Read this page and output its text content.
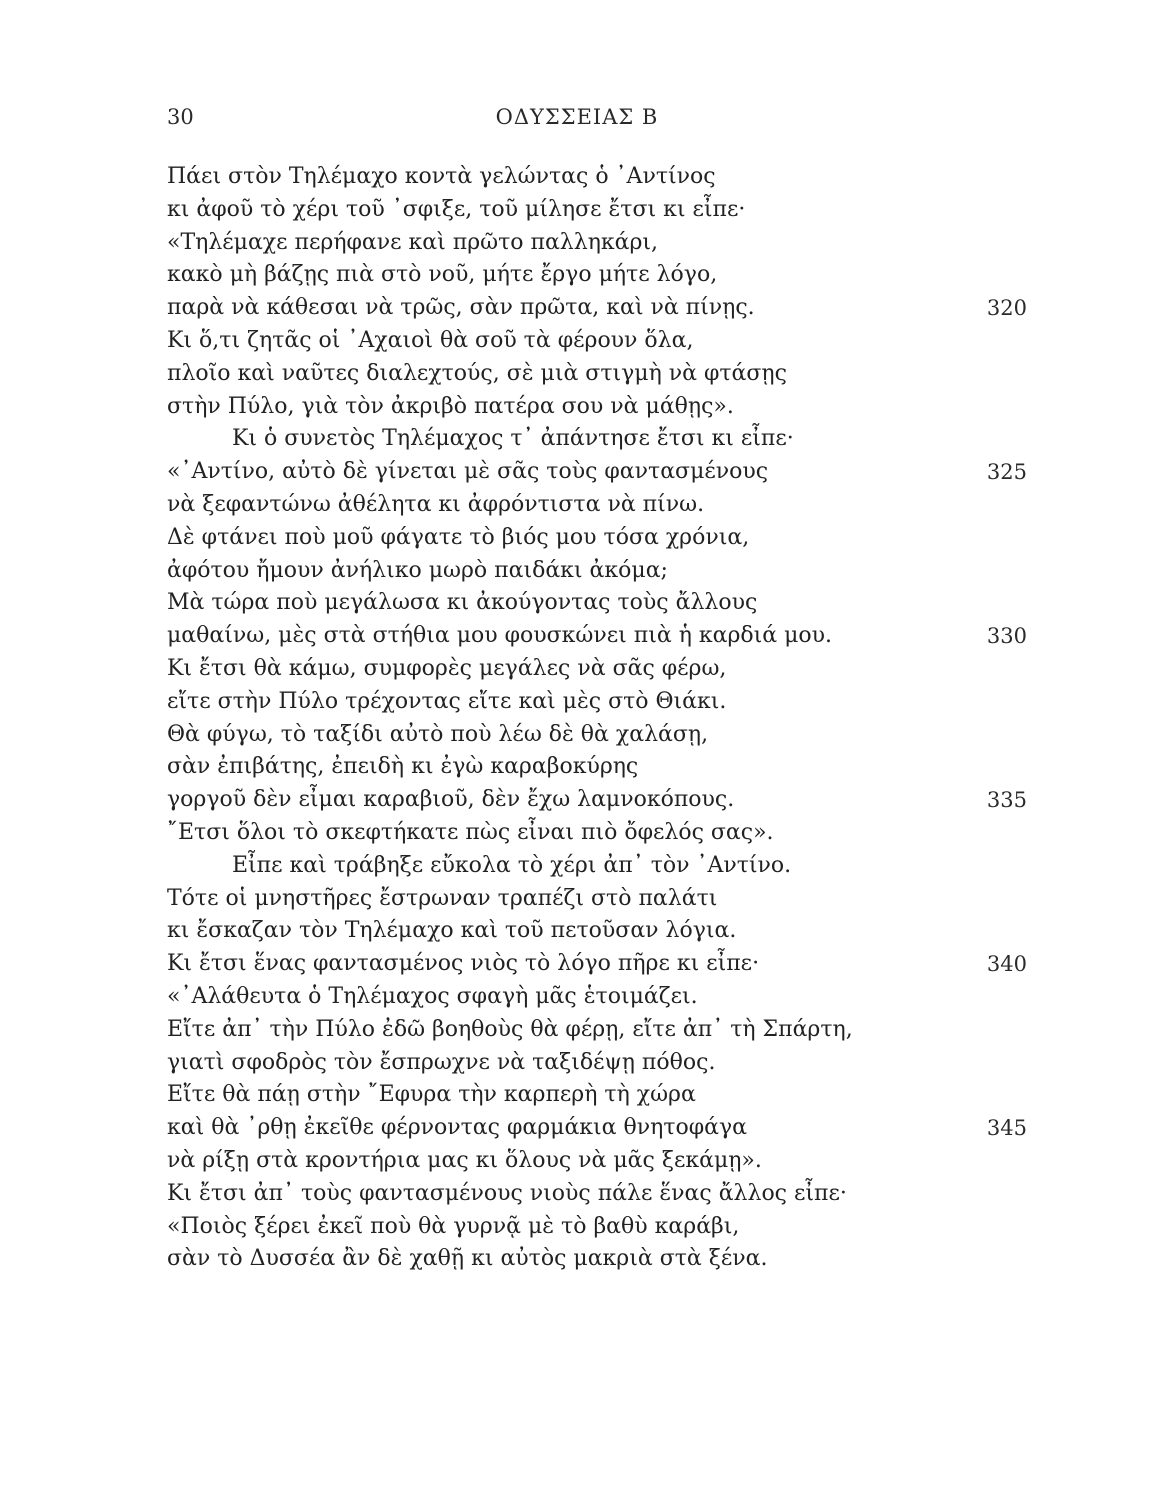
30	ΟΔΥΣΣΕΙΑΣ Β
Πάει στὸν Τηλέμαχο κοντὰ γελώντας ὁ ᾿Αντίνος
κι ἀφοῦ τὸ χέρι τοῦ ᾿σφιξε, τοῦ μίλησε ἔτσι κι εἶπε·
«Τηλέμαχε περήφανε καὶ πρῶτο παλληκάρι,
κακὸ μὴ βάζῃς πιὰ στὸ νοῦ, μήτε ἔργο μήτε λόγο,
παρὰ νὰ κάθεσαι νὰ τρῶς, σὰν πρῶτα, καὶ νὰ πίνῃς.	320
Κι ὅ,τι ζητᾶς οἱ ᾿Αχαιοὶ θὰ σοῦ τὰ φέρουν ὅλα,
πλοῖο καὶ ναῦτες διαλεχτούς, σὲ μιὰ στιγμὴ νὰ φτάσῃς
στὴν Πύλο, γιὰ τὸν ἀκριβὸ πατέρα σου νὰ μάθῃς».
Κι ὁ συνετὸς Τηλέμαχος τ᾿ ἀπάντησε ἔτσι κι εἶπε·
«᾿Αντίνο, αὐτὸ δὲ γίνεται μὲ σᾶς τοὺς φαντασμένους	325
νὰ ξεφαντώνω ἀθέλητα κι ἀφρόντιστα νὰ πίνω.
Δὲ φτάνει ποὺ μοῦ φάγατε τὸ βιός μου τόσα χρόνια,
ἀφότου ἤμουν ἀνήλικο μωρὸ παιδάκι ἀκόμα;
Μὰ τώρα ποὺ μεγάλωσα κι ἀκούγοντας τοὺς ἄλλους
μαθαίνω, μὲς στὰ στήθια μου φουσκώνει πιὰ ἡ καρδιά μου.	330
Κι ἔτσι θὰ κάμω, συμφορὲς μεγάλες νὰ σᾶς φέρω,
εἴτε στὴν Πύλο τρέχοντας εἴτε καὶ μὲς στὸ Θιάκι.
Θὰ φύγω, τὸ ταξίδι αὐτὸ ποὺ λέω δὲ θὰ χαλάσῃ,
σὰν ἐπιβάτης, ἐπειδὴ κι ἐγὼ καραβοκύρης
γοργοῦ δὲν εἶμαι καραβιοῦ, δὲν ἔχω λαμνοκόπους.	335
῎Ετσι ὅλοι τὸ σκεφτήκατε πὼς εἶναι πιὸ ὄφελός σας».
Εἶπε καὶ τράβηξε εὔκολα τὸ χέρι ἀπ᾿ τὸν ᾿Αντίνο.
Τότε οἱ μνηστῆρες ἔστρωναν τραπέζι στὸ παλάτι
κι ἔσκαζαν τὸν Τηλέμαχο καὶ τοῦ πετοῦσαν λόγια.
Κι ἔτσι ἕνας φαντασμένος νιὸς τὸ λόγο πῆρε κι εἶπε·	340
«᾿Αλάθευτα ὁ Τηλέμαχος σφαγὴ μᾶς ἑτοιμάζει.
Εἴτε ἀπ᾿ τὴν Πύλο ἐδῶ βοηθοὺς θὰ φέρῃ, εἴτε ἀπ᾿ τὴ Σπάρτη,
γιατὶ σφοδρὸς τὸν ἔσπρωχνε νὰ ταξιδέψῃ πόθος.
Εἴτε θὰ πάῃ στὴν ῎Εφυρα τὴν καρπερὴ τὴ χώρα
καὶ θὰ ᾿ρθῃ ἐκεῖθε φέρνοντας φαρμάκια θνητοφάγα	345
νὰ ρίξῃ στὰ κροντήρια μας κι ὅλους νὰ μᾶς ξεκάμῃ».
Κι ἔτσι ἀπ᾿ τοὺς φαντασμένους νιοὺς πάλε ἕνας ἄλλος εἶπε·
«Ποιὸς ξέρει ἐκεῖ ποὺ θὰ γυρνᾷ μὲ τὸ βαθὺ καράβι,
σὰν τὸ Δυσσέα ἂν δὲ χαθῇ κι αὐτὸς μακριὰ στὰ ξένα.
